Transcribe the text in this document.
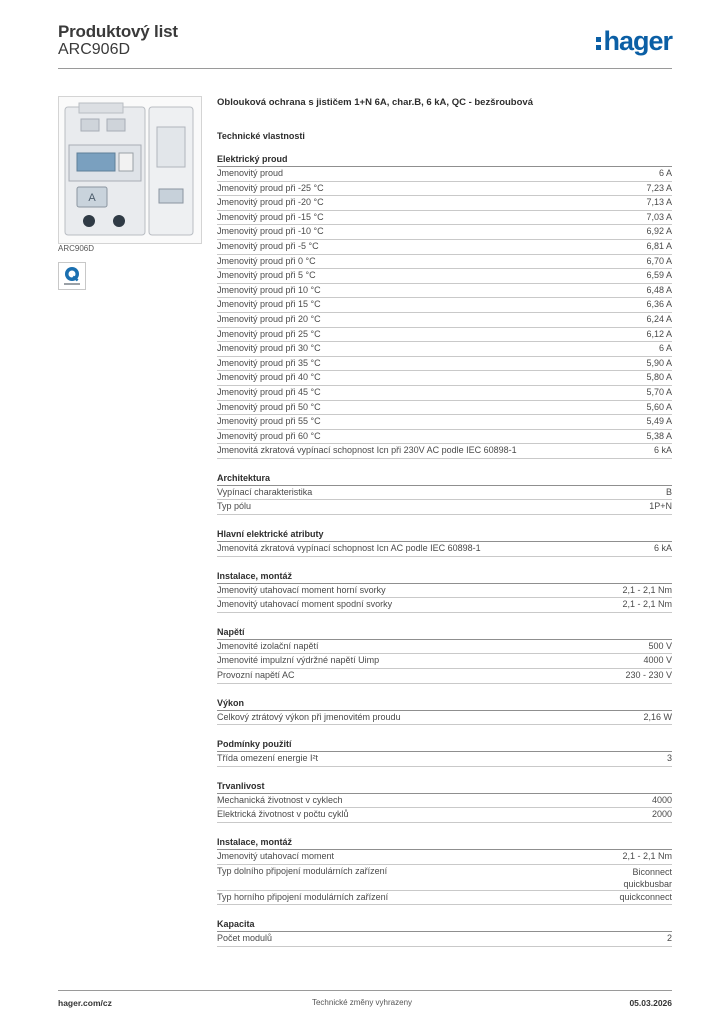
Produktový list
ARC906D	hager
A
ARC906D
Oblouková ochrana s jističem 1+N 6A, char.B, 6 kA, QC - bezšroubová
Technické vlastnosti
Elektrický proud
Jmenovitý proud	6 A
Jmenovitý proud při -25 °C	7,23 A
Jmenovitý proud při -20 °C	7,13 A
Jmenovitý proud při -15 °C	7,03 A
Jmenovitý proud při -10 °C	6,92 A
Jmenovitý proud při -5 °C	6,81 A
Jmenovitý proud při 0 °C	6,70 A
Jmenovitý proud při 5 °C	6,59 A
Jmenovitý proud při 10 °C	6,48 A
Jmenovitý proud při 15 °C	6,36 A
Jmenovitý proud při 20 °C	6,24 A
Jmenovitý proud při 25 °C	6,12 A
Jmenovitý proud při 30 °C	6 A
Jmenovitý proud při 35 °C	5,90 A
Jmenovitý proud při 40 °C	5,80 A
Jmenovitý proud při 45 °C	5,70 A
Jmenovitý proud při 50 °C	5,60 A
Jmenovitý proud při 55 °C	5,49 A
Jmenovitý proud při 60 °C	5,38 A
Jmenovitá zkratová vypínací schopnost Icn při 230V AC podle IEC 60898-1	6 kA
Architektura
Vypínací charakteristika	B
Typ pólu	1P+N
Hlavní elektrické atributy
Jmenovitá zkratová vypínací schopnost Icn AC podle IEC 60898-1	6 kA
Instalace, montáž
Jmenovitý utahovací moment horní svorky	2,1 - 2,1 Nm
Jmenovitý utahovací moment spodní svorky	2,1 - 2,1 Nm
Napětí
Jmenovité izolační napětí	500 V
Jmenovité impulzní výdržné napětí Uimp	4000 V
Provozní napětí AC	230 - 230 V
Výkon
Celkový ztrátový výkon při jmenovitém proudu	2,16 W
Podmínky použití
Třída omezení energie I²t	3
Trvanlivost
Mechanická životnost v cyklech	4000
Elektrická životnost v počtu cyklů	2000
Instalace, montáž
Jmenovitý utahovací moment	2,1 - 2,1 Nm
Typ dolního připojení modulárních zařízení	Biconnect quickbusbar
Typ horního připojení modulárních zařízení	quickconnect
Kapacita
Počet modulů	2
hager.com/cz	Technické změny vyhrazeny	05.03.2026
